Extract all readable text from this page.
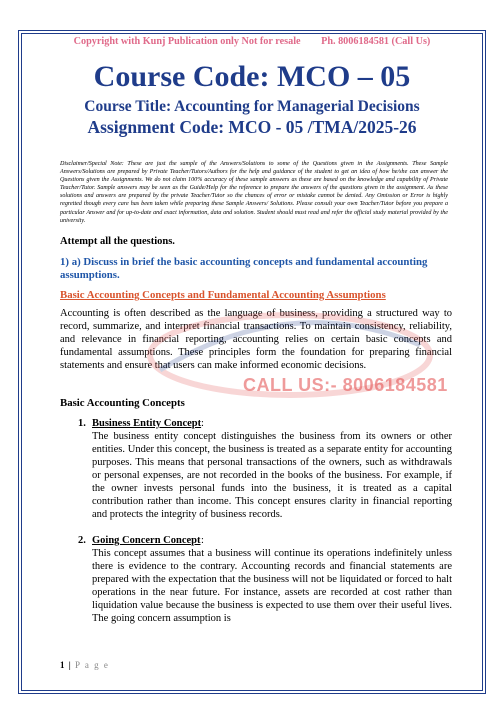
Copyright with Kunj Publication only Not for resale Ph. 8006184581 (Call Us)
Course Code: MCO – 05
Course Title: Accounting for Managerial Decisions
Assignment Code: MCO - 05 /TMA/2025-26
Disclaimer/Special Note: These are just the sample of the Answers/Solutions to some of the Questions given in the Assignments. These Sample Answers/Solutions are prepared by Private Teacher/Tutors/Authors for the help and guidance of the student to get an idea of how he/she can answer the Questions given the Assignments. We do not claim 100% accuracy of these sample answers as these are based on the knowledge and capability of Private Teacher/Tutor. Sample answers may be seen as the Guide/Help for the reference to prepare the answers of the questions given in the assignment. As these solutions and answers are prepared by the private Teacher/Tutor so the chances of error or mistake cannot be denied. Any Omission or Error is highly regretted though every care has been taken while preparing these Sample Answers/ Solutions. Please consult your own Teacher/Tutor before you prepare a particular Answer and for up-to-date and exact information, data and solution. Student should must read and refer the official study material provided by the university.
Attempt all the questions.
1) a) Discuss in brief the basic accounting concepts and fundamental accounting assumptions.
Basic Accounting Concepts and Fundamental Accounting Assumptions
Accounting is often described as the language of business, providing a structured way to record, summarize, and interpret financial transactions. To maintain consistency, reliability, and relevance in financial reporting, accounting relies on certain basic concepts and fundamental assumptions. These principles form the foundation for preparing financial statements and ensure that users can make informed economic decisions.
CALL US:- 8006184581
Basic Accounting Concepts
1. Business Entity Concept :
The business entity concept distinguishes the business from its owners or other entities. Under this concept, the business is treated as a separate entity for accounting purposes. This means that personal transactions of the owners, such as withdrawals or personal expenses, are not recorded in the books of the business. For example, if the owner invests personal funds into the business, it is treated as a capital contribution rather than income. This concept ensures clarity in financial reporting and protects the integrity of business records.
2. Going Concern Concept :
This concept assumes that a business will continue its operations indefinitely unless there is evidence to the contrary. Accounting records and financial statements are prepared with the expectation that the business will not be liquidated or forced to halt operations in the near future. For instance, assets are recorded at cost rather than liquidation value because the business is expected to use them over their useful lives. The going concern assumption is
1 | P a g e
